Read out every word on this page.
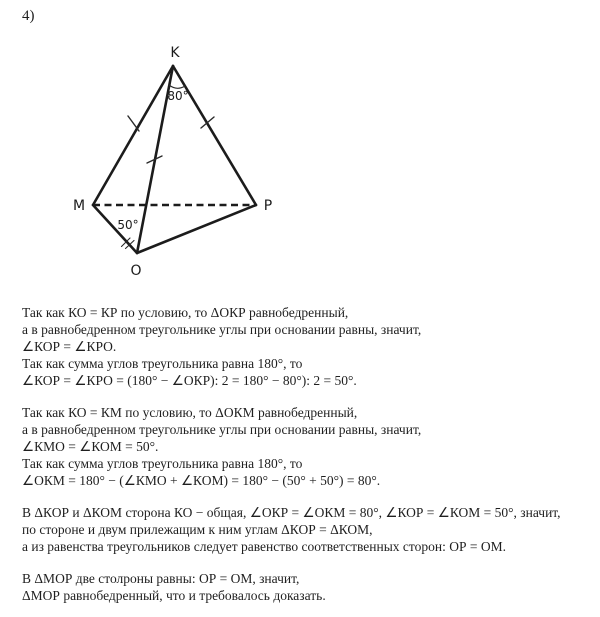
4)
K
M	P
O
80°
50°

Так как КО = КР по условию, то ΔОКР равнобедренный,
а в равнобедренном треугольнике углы при основании равны, значит,
∠КОР = ∠КРО.
Так как сумма углов треугольника равна 180°, то
∠КОР = ∠КРО = (180° − ∠ОКР): 2 = 180° − 80°): 2 = 50°.

Так как КО = КМ по условию, то ΔОКМ равнобедренный,
а в равнобедренном треугольнике углы при основании равны, значит,
∠КМО = ∠КОМ = 50°.
Так как сумма углов треугольника равна 180°, то
∠ОКМ = 180° − (∠КМО + ∠КОМ) = 180° − (50° + 50°) = 80°.

В ΔКОР и ΔКОМ сторона КО − общая, ∠ОКР = ∠ОКМ = 80°, ∠КОР = ∠КОМ = 50°, значит,
по стороне и двум прилежащим к ним углам ΔКОР = ΔКОМ,
а из равенства треугольников следует равенство соответственных сторон: ОР = ОМ.

В ΔМОР две столроны равны: ОР = ОМ, значит,
ΔМОР равнобедренный, что и требовалось доказать.
